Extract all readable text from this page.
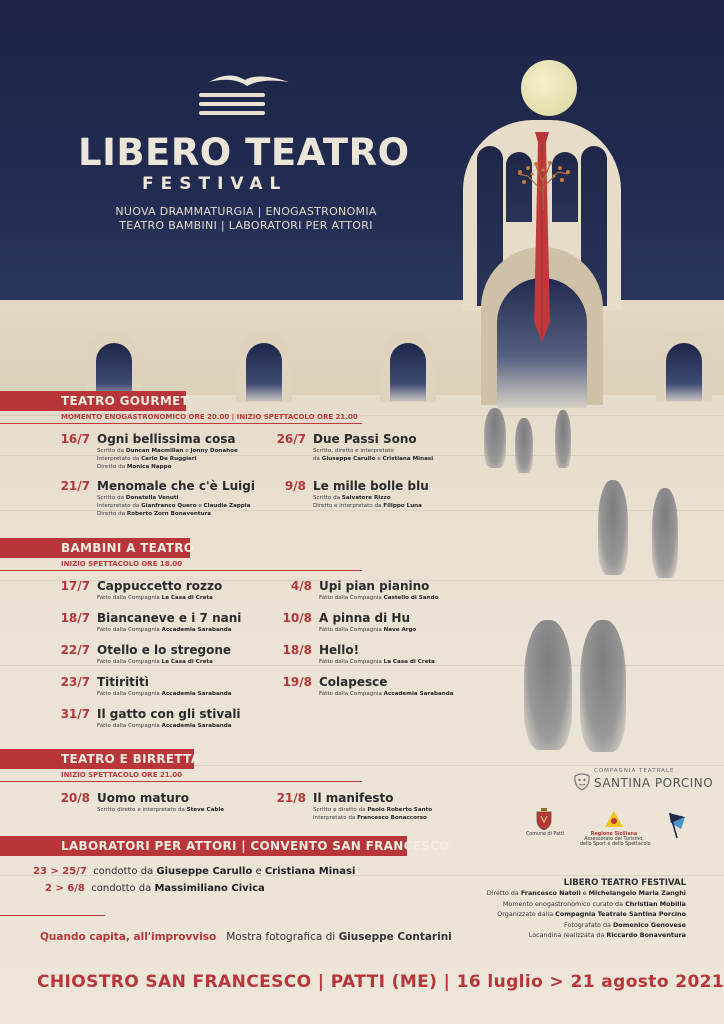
LIBERO TEATRO
FESTIVAL
NUOVA DRAMMATURGIA | ENOGASTRONOMIA
TEATRO BAMBINI | LABORATORI PER ATTORI
TEATRO GOURMET
MOMENTO ENOGASTRONOMICO ORE 20.00 | INIZIO SPETTACOLO ORE 21.00
16/7 Ogni bellissima cosa
Scritto da Duncan Macmillan e Jonny Donahoe
Interpretato da Carlo De Ruggieri
Diretto da Monica Nappo
26/7 Due Passi Sono
Scritto, diretto e interpretato
da Giuseppe Carullo e Cristiana Minasi
21/7 Menomale che c'è Luigi
Scritto da Donatella Venuti
Interpretato da Gianfranco Quero e Claudia Zappia
Diretto da Roberto Zorn Bonaventura
9/8 Le mille bolle blu
Scritto da Salvatore Rizzo
Diretto e interpretato da Filippo Luna
BAMBINI A TEATRO
INIZIO SPETTACOLO ORE 18.00
17/7 Cappuccetto rozzo
Fatto dalla Compagnia La Casa di Creta
4/8 Upi pian pianino
Fatto dalla Compagnia Castello di Sando
18/7 Biancaneve e i 7 nani
Fatto dalla Compagnia Accademia Sarabanda
10/8 A pinna di Hu
Fatto dalla Compagnia Nave Argo
22/7 Otello e lo stregone
Fatto dalla Compagnia La Casa di Creta
18/8 Hello!
Fatto dalla Compagnia La Casa di Creta
23/7 Titirititì
Fatto dalla Compagnia Accademia Sarabanda
19/8 Colapesce
Fatto dalla Compagnia Accademia Sarabanda
31/7 Il gatto con gli stivali
Fatto dalla Compagnia Accademia Sarabanda
TEATRO E BIRRETTA
INIZIO SPETTACOLO ORE 21.00
20/8 Uomo maturo
Scritto diretto e interpretato da Steve Cable
21/8 Il manifesto
Scritto e diretto da Paolo Roberto Santo
Interpretato da Francesco Bonaccorso
LABORATORI PER ATTORI | CONVENTO SAN FRANCESCO
23 > 25/7 condotto da Giuseppe Carullo e Cristiana Minasi
2 > 6/8 condotto da Massimiliano Civica
Quando capita, all'improvviso Mostra fotografica di Giuseppe Contarini
CHIOSTRO SAN FRANCESCO | PATTI (ME) | 16 luglio > 21 agosto 2021
COMPAGNIA TEATRALE
SANTINA PORCINO
Comune di Patti	Regione Siciliana
Assessorato del Turismo,
dello Sport e dello Spettacolo
LIBERO TEATRO FESTIVAL
Diretto da Francesco Natoli e Michelangelo Maria Zanghì
Momento enogastronomico curato da Christian Mobilia
Organizzato dalla Compagnia Teatrale Santina Porcino
Fotografato da Domenico Genovese
Locandina realizzata da Riccardo Bonaventura
